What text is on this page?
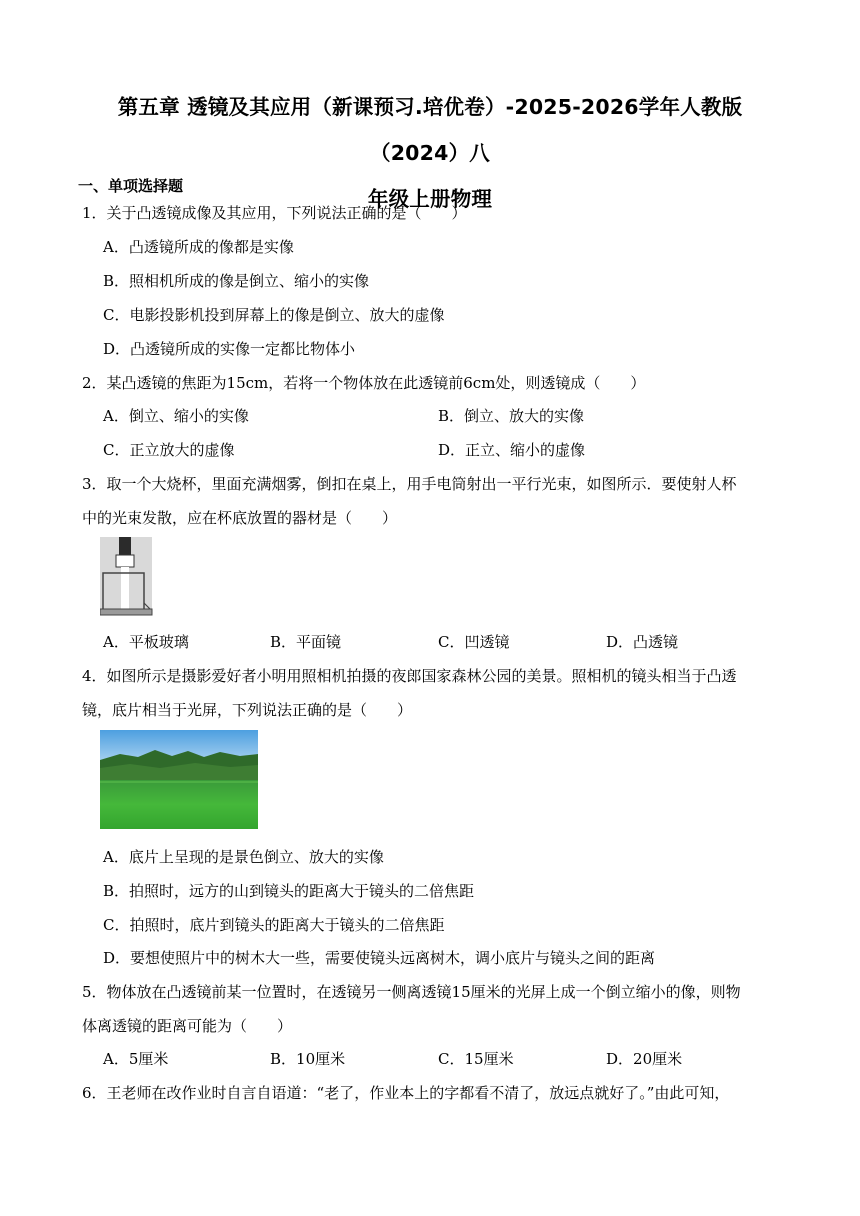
第五章 透镜及其应用（新课预习.培优卷）-2025-2026学年人教版（2024）八
年级上册物理
一、单项选择题
1．关于凸透镜成像及其应用，下列说法正确的是（　　）
A．凸透镜所成的像都是实像
B．照相机所成的像是倒立、缩小的实像
C．电影投影机投到屏幕上的像是倒立、放大的虚像
D．凸透镜所成的实像一定都比物体小
2．某凸透镜的焦距为15cm，若将一个物体放在此透镜前6cm处，则透镜成（　　）
A．倒立、缩小的实像	B．倒立、放大的实像
C．正立放大的虚像	D．正立、缩小的虚像
3．取一个大烧杯，里面充满烟雾，倒扣在桌上，用手电筒射出一平行光束，如图所示．要使射人杯
中的光束发散，应在杯底放置的器材是（　　）
A．平板玻璃	B．平面镜	C．凹透镜	D．凸透镜
4．如图所示是摄影爱好者小明用照相机拍摄的夜郎国家森林公园的美景。照相机的镜头相当于凸透
镜，底片相当于光屏，下列说法正确的是（　　）
A．底片上呈现的是景色倒立、放大的实像
B．拍照时，远方的山到镜头的距离大于镜头的二倍焦距
C．拍照时，底片到镜头的距离大于镜头的二倍焦距
D．要想使照片中的树木大一些，需要使镜头远离树木，调小底片与镜头之间的距离
5．物体放在凸透镜前某一位置时，在透镜另一侧离透镜15厘米的光屏上成一个倒立缩小的像，则物
体离透镜的距离可能为（　　）
A．5厘米	B．10厘米	C．15厘米	D．20厘米
6．王老师在改作业时自言自语道：“老了，作业本上的字都看不清了，放远点就好了。”由此可知，
